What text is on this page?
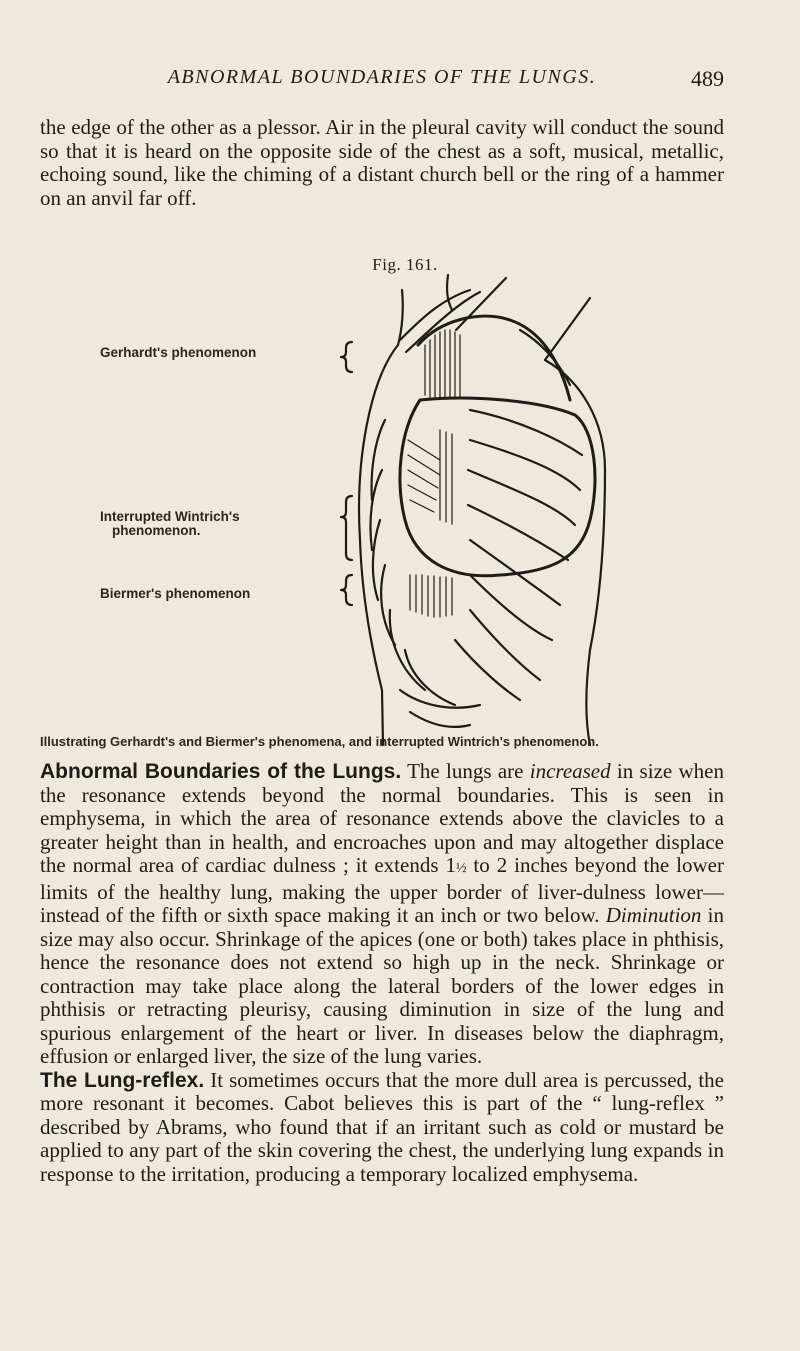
ABNORMAL BOUNDARIES OF THE LUNGS.	489
the edge of the other as a plessor. Air in the pleural cavity will conduct the sound so that it is heard on the opposite side of the chest as a soft, musical, metallic, echoing sound, like the chiming of a distant church bell or the ring of a hammer on an anvil far off.
Fig. 161.
Gerhardt's phenomenon
Interrupted Wintrich's
phenomenon.
Biermer's phenomenon
Illustrating Gerhardt's and Biermer's phenomena, and interrupted Wintrich's phenomenon.
Abnormal Boundaries of the Lungs. The lungs are increased in size when the resonance extends beyond the normal boundaries. This is seen in emphysema, in which the area of resonance extends above the clavicles to a greater height than in health, and encroaches upon and may altogether displace the normal area of cardiac dulness ; it extends 1½ to 2 inches beyond the lower limits of the healthy lung, making the upper border of liver-dulness lower—instead of the fifth or sixth space making it an inch or two below. Diminution in size may also occur. Shrinkage of the apices (one or both) takes place in phthisis, hence the resonance does not extend so high up in the neck. Shrinkage or contraction may take place along the lateral borders of the lower edges in phthisis or retracting pleurisy, causing diminution in size of the lung and spurious enlargement of the heart or liver. In diseases below the diaphragm, effusion or enlarged liver, the size of the lung varies.
The Lung-reflex. It sometimes occurs that the more dull area is percussed, the more resonant it becomes. Cabot believes this is part of the “ lung-reflex ” described by Abrams, who found that if an irritant such as cold or mustard be applied to any part of the skin covering the chest, the underlying lung expands in response to the irritation, producing a temporary localized emphysema.
